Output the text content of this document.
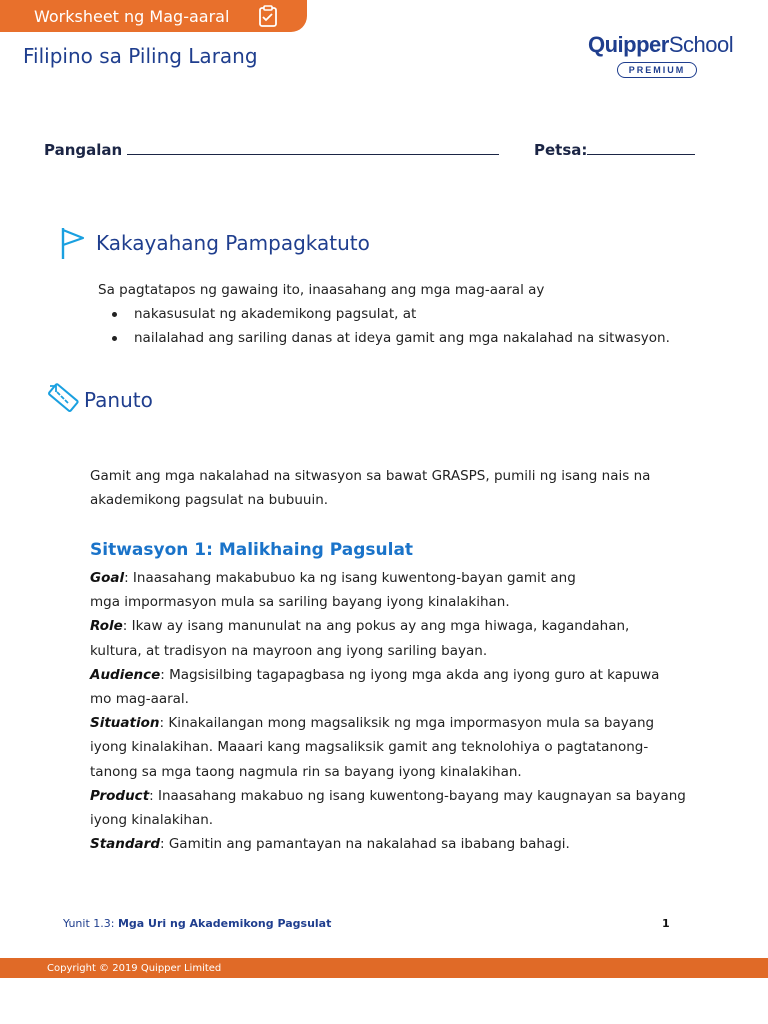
Worksheet ng Mag-aaral
Filipino sa Piling Larang	QuipperSchool
PREMIUM
Pangalan	Petsa:
Kakayahang Pampagkatuto
Sa pagtatapos ng gawaing ito, inaasahang ang mga mag-aaral ay
nakasusulat ng akademikong pagsulat, at
nailalahad ang sariling danas at ideya gamit ang mga nakalahad na sitwasyon.
Panuto
Gamit ang mga nakalahad na sitwasyon sa bawat GRASPS, pumili ng isang nais na
akademikong pagsulat na bubuuin.
Sitwasyon 1: Malikhaing Pagsulat
Goal: Inaasahang makabubuo ka ng isang kuwentong-bayan gamit ang mga impormasyon mula sa sariling bayang iyong kinalakihan.
Role: Ikaw ay isang manunulat na ang pokus ay ang mga hiwaga, kagandahan, kultura, at tradisyon na mayroon ang iyong sariling bayan.
Audience: Magsisilbing tagapagbasa ng iyong mga akda ang iyong guro at kapuwa mo mag-aaral.
Situation: Kinakailangan mong magsaliksik ng mga impormasyon mula sa bayang iyong kinalakihan. Maaari kang magsaliksik gamit ang teknolohiya o pagtatanong-tanong sa mga taong nagmula rin sa bayang iyong kinalakihan.
Product: Inaasahang makabuo ng isang kuwentong-bayang may kaugnayan sa bayang iyong kinalakihan.
Standard: Gamitin ang pamantayan na nakalahad sa ibabang bahagi.
Yunit 1.3: Mga Uri ng Akademikong Pagsulat	1
Copyright © 2019 Quipper Limited
